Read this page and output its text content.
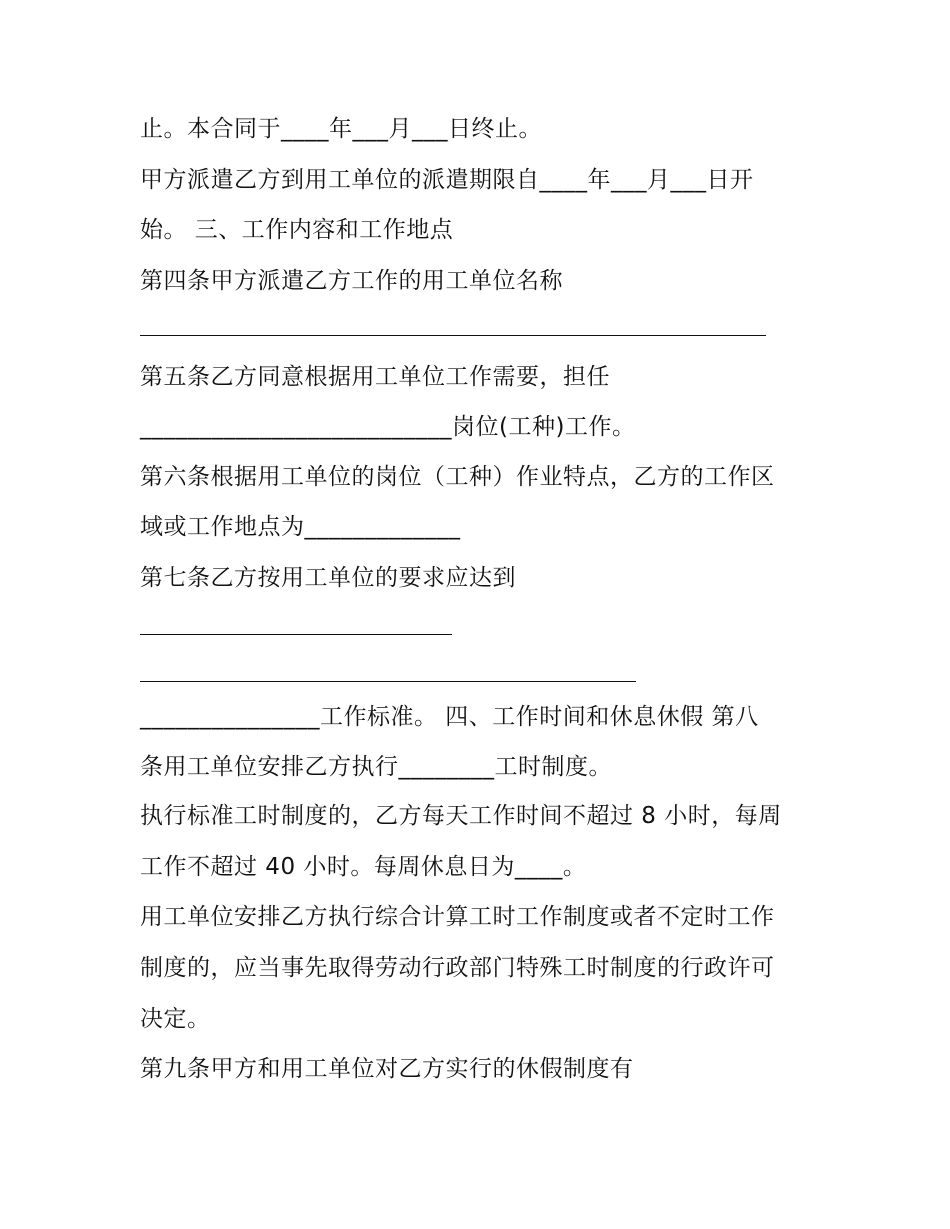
止。本合同于____年___月___日终止。

甲方派遣乙方到用工单位的派遣期限自____年___月___日开

始。 三、工作内容和工作地点

第四条甲方派遣乙方工作的用工单位名称

第五条乙方同意根据用工单位工作需要，担任

__________________________岗位(工种)工作。

第六条根据用工单位的岗位（工种）作业特点，乙方的工作区

域或工作地点为_____________

第七条乙方按用工单位的要求应达到

_______________工作标准。 四、工作时间和休息休假 第八

条用工单位安排乙方执行________工时制度。

执行标准工时制度的，乙方每天工作时间不超过 8 小时，每周

工作不超过 40 小时。每周休息日为____。

用工单位安排乙方执行综合计算工时工作制度或者不定时工作

制度的，应当事先取得劳动行政部门特殊工时制度的行政许可

决定。

第九条甲方和用工单位对乙方实行的休假制度有
